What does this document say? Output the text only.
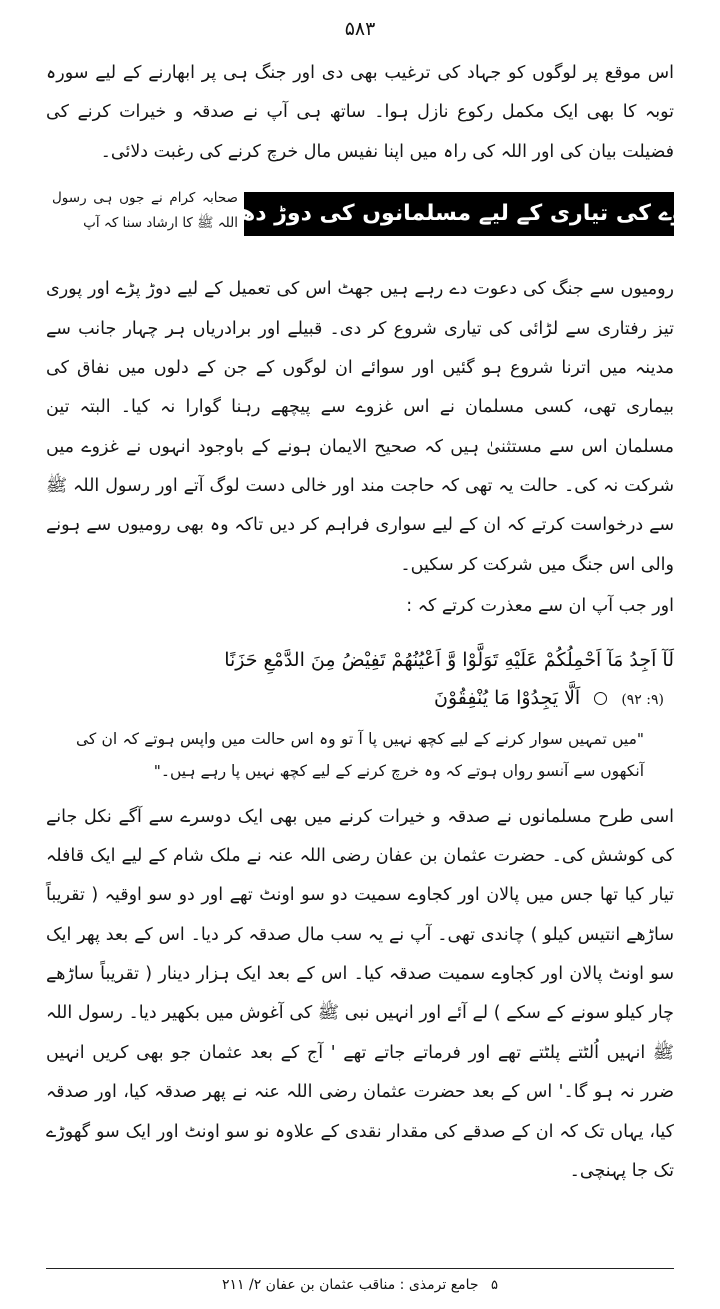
۵۸۳

اس موقع پر لوگوں کو جہاد کی ترغیب بھی دی اور جنگ ہی پر ابھارنے کے لیے سورہ توبہ کا بھی ایک مکمل رکوع نازل ہوا۔ ساتھ ہی آپ نے صدقہ و خیرات کرنے کی فضیلت بیان کی اور اللہ کی راہ میں اپنا نفیس مال خرچ کرنے کی رغبت دلائی۔

غزوے کی تیاری کے لیے مسلمانوں کی دوڑ دھوپ
صحابہ کرام نے جوں ہی رسول اللہ ﷺ کا ارشاد سنا کہ آپ

رومیوں سے جنگ کی دعوت دے رہے ہیں جھٹ اس کی تعمیل کے لیے دوڑ پڑے اور پوری تیز رفتاری سے لڑائی کی تیاری شروع کر دی۔ قبیلے اور برادریاں ہر چہار جانب سے مدینہ میں اترنا شروع ہو گئیں اور سوائے ان لوگوں کے جن کے دلوں میں نفاق کی بیماری تھی، کسی مسلمان نے اس غزوے سے پیچھے رہنا گوارا نہ کیا۔ البتہ تین مسلمان اس سے مستثنیٰ ہیں کہ صحیح الایمان ہونے کے باوجود انہوں نے غزوے میں شرکت نہ کی۔ حالت یہ تھی کہ حاجت مند اور خالی دست لوگ آتے اور رسول اللہ ﷺ سے درخواست کرتے کہ ان کے لیے سواری فراہم کر دیں تاکہ وہ بھی رومیوں سے ہونے والی اس جنگ میں شرکت کر سکیں۔

اور جب آپ ان سے معذرت کرتے کہ :

لَآ اَجِدُ مَآ اَحْمِلُكُمْ عَلَيْهِ تَوَلَّوْا وَّ اَعْيُنُهُمْ تَفِيْضُ مِنَ الدَّمْعِ حَزَنًا
(۹: ۹۲)  اَلَّا يَجِدُوْا مَا يُنْفِقُوْنَ
"میں تمہیں سوار کرنے کے لیے کچھ نہیں پا آ تو وہ اس حالت میں واپس ہوتے کہ ان کی آنکھوں سے آنسو رواں ہوتے کہ وہ خرچ کرنے کے لیے کچھ نہیں پا رہے ہیں۔"

اسی طرح مسلمانوں نے صدقہ و خیرات کرنے میں بھی ایک دوسرے سے آگے نکل جانے کی کوشش کی۔ حضرت عثمان بن عفان رضی اللہ عنہ نے ملک شام کے لیے ایک قافلہ تیار کیا تھا جس میں پالان اور کجاوے سمیت دو سو اونٹ تھے اور دو سو اوقیہ ( تقریباً ساڑھے انتیس کیلو ) چاندی تھی۔ آپ نے یہ سب مال صدقہ کر دیا۔ اس کے بعد پھر ایک سو اونٹ پالان اور کجاوے سمیت صدقہ کیا۔ اس کے بعد ایک ہزار دینار ( تقریباً ساڑھے چار کیلو سونے کے سکے ) لے آئے اور انہیں نبی ﷺ کی آغوش میں بکھیر دیا۔ رسول اللہ ﷺ انہیں اُلٹتے پلٹتے تھے اور فرماتے جاتے تھے ' آج کے بعد عثمان جو بھی کریں انہیں ضرر نہ ہو گا۔' اس کے بعد حضرت عثمان رضی اللہ عنہ نے پھر صدقہ کیا، اور صدقہ کیا، یہاں تک کہ ان کے صدقے کی مقدار نقدی کے علاوہ نو سو اونٹ اور ایک سو گھوڑے تک جا پہنچی۔

۵ جامع ترمذی : مناقب عثمان بن عفان ۲/ ۲۱۱
